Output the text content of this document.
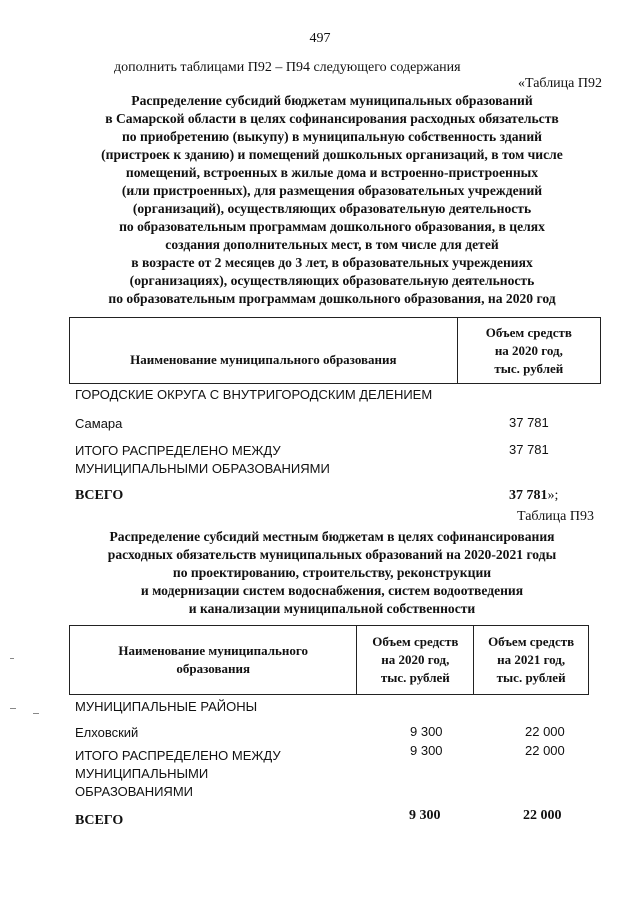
497
дополнить таблицами П92 – П94 следующего содержания
«Таблица П92
Распределение субсидий бюджетам муниципальных образований
в Самарской области в целях софинансирования расходных обязательств
по приобретению (выкупу) в муниципальную собственность зданий
(пристроек к зданию) и помещений дошкольных организаций, в том числе
помещений, встроенных в жилые дома и встроенно-пристроенных
(или пристроенных), для размещения образовательных учреждений
(организаций), осуществляющих образовательную деятельность
по образовательным программам дошкольного образования, в целях
создания дополнительных мест, в том числе для детей
в возрасте от 2 месяцев до 3 лет, в образовательных учреждениях
(организациях), осуществляющих образовательную деятельность
по образовательным программам дошкольного образования, на 2020 год
Наименование муниципального образования	
Объем средств
на 2020 год,
тыс. рублей
ГОРОДСКИЕ ОКРУГА С ВНУТРИГОРОДСКИМ ДЕЛЕНИЕМ
Самара	37 781
ИТОГО РАСПРЕДЕЛЕНО МЕЖДУ
МУНИЦИПАЛЬНЫМИ ОБРАЗОВАНИЯМИ
37 781
ВСЕГО	37 781»;
Таблица П93
Распределение субсидий местным бюджетам в целях софинансирования
расходных обязательств муниципальных образований на 2020-2021 годы
по проектированию, строительству, реконструкции
и модернизации систем водоснабжения, систем водоотведения
и канализации муниципальной собственности
Наименование муниципального
образования

Объем средств
на 2020 год,
тыс. рублей

Объем средств
на 2021 год,
тыс. рублей
МУНИЦИПАЛЬНЫЕ РАЙОНЫ
Елховский	9 300	22 000
ИТОГО РАСПРЕДЕЛЕНО МЕЖДУ
МУНИЦИПАЛЬНЫМИ
ОБРАЗОВАНИЯМИ
9 300	22 000
ВСЕГО	9 300	22 000
